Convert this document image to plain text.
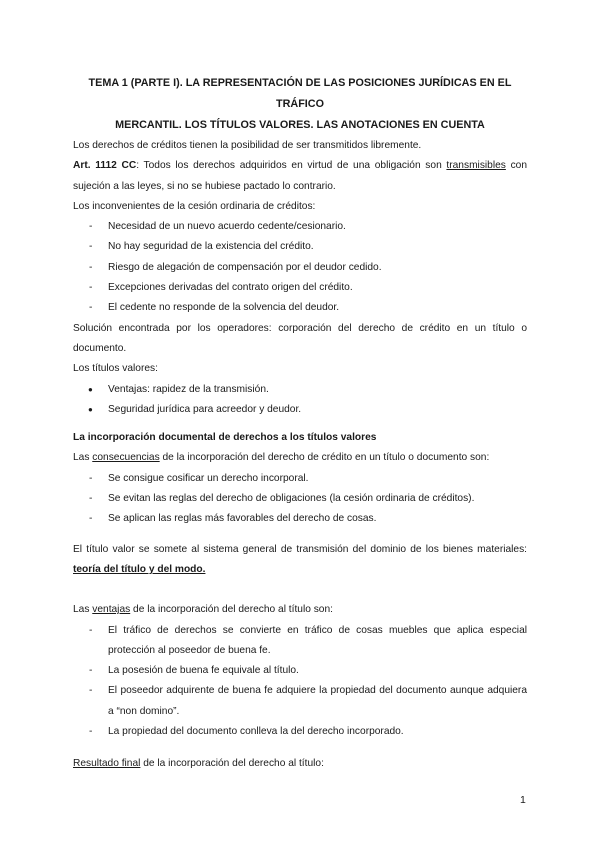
TEMA 1 (PARTE I). LA REPRESENTACIÓN DE LAS POSICIONES JURÍDICAS EN EL TRÁFICO

MERCANTIL. LOS TÍTULOS VALORES. LAS ANOTACIONES EN CUENTA

Los derechos de créditos tienen la posibilidad de ser transmitidos libremente.

Art. 1112 CC: Todos los derechos adquiridos en virtud de una obligación son transmisibles con sujeción a las leyes, si no se hubiese pactado lo contrario.

Los inconvenientes de la cesión ordinaria de créditos:

- Necesidad de un nuevo acuerdo cedente/cesionario.
- No hay seguridad de la existencia del crédito.
- Riesgo de alegación de compensación por el deudor cedido.
- Excepciones derivadas del contrato origen del crédito.
- El cedente no responde de la solvencia del deudor.

Solución encontrada por los operadores: corporación del derecho de crédito en un título o documento.

Los títulos valores:

● Ventajas: rapidez de la transmisión.
● Seguridad jurídica para acreedor y deudor.

La incorporación documental de derechos a los títulos valores

Las consecuencias de la incorporación del derecho de crédito en un título o documento son:

- Se consigue cosificar un derecho incorporal.
- Se evitan las reglas del derecho de obligaciones (la cesión ordinaria de créditos).
- Se aplican las reglas más favorables del derecho de cosas.

El título valor se somete al sistema general de transmisión del dominio de los bienes materiales: teoría del título y del modo.

Las ventajas de la incorporación del derecho al título son:

- El tráfico de derechos se convierte en tráfico de cosas muebles que aplica especial protección al poseedor de buena fe.
- La posesión de buena fe equivale al título.
- El poseedor adquirente de buena fe adquiere la propiedad del documento aunque adquiera a “non domino”.
- La propiedad del documento conlleva la del derecho incorporado.

Resultado final de la incorporación del derecho al título:

1
